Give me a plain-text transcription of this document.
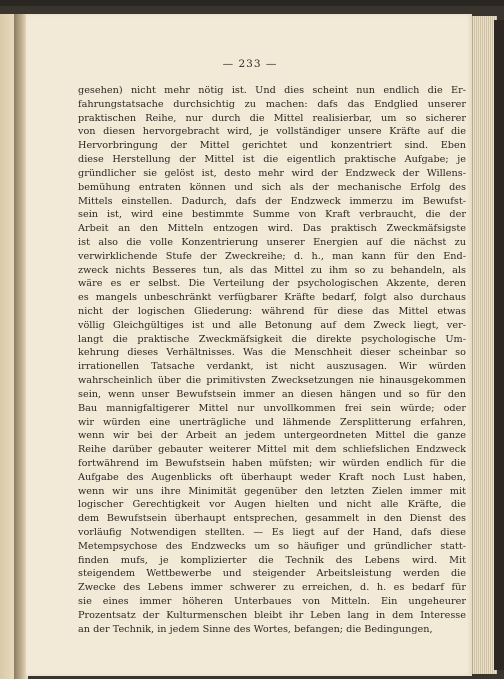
— 233 —
gesehen) nicht mehr nötig ist. Und dies scheint nun endlich die Er-
fahrungstatsache durchsichtig zu machen: dafs das Endglied unserer
praktischen Reihe, nur durch die Mittel realisierbar, um so sicherer
von diesen hervorgebracht wird, je vollständiger unsere Kräfte auf die
Hervorbringung der Mittel gerichtet und konzentriert sind. Eben
diese Herstellung der Mittel ist die eigentlich praktische Aufgabe; je
gründlicher sie gelöst ist, desto mehr wird der Endzweck der Willens-
bemühung entraten können und sich als der mechanische Erfolg des
Mittels einstellen. Dadurch, dafs der Endzweck immerzu im Bewufst-
sein ist, wird eine bestimmte Summe von Kraft verbraucht, die der
Arbeit an den Mitteln entzogen wird. Das praktisch Zweckmäfsigste
ist also die volle Konzentrierung unserer Energien auf die nächst zu
verwirklichende Stufe der Zweckreihe; d. h., man kann für den End-
zweck nichts Besseres tun, als das Mittel zu ihm so zu behandeln, als
wäre es er selbst. Die Verteilung der psychologischen Akzente, deren
es mangels unbeschränkt verfügbarer Kräfte bedarf, folgt also durchaus
nicht der logischen Gliederung: während für diese das Mittel etwas
völlig Gleichgültiges ist und alle Betonung auf dem Zweck liegt, ver-
langt die praktische Zweckmäfsigkeit die direkte psychologische Um-
kehrung dieses Verhältnisses. Was die Menschheit dieser scheinbar so
irrationellen Tatsache verdankt, ist nicht auszusagen. Wir würden
wahrscheinlich über die primitivsten Zwecksetzungen nie hinausgekommen
sein, wenn unser Bewufstsein immer an diesen hängen und so für den
Bau mannigfaltigerer Mittel nur unvollkommen frei sein würde; oder
wir würden eine unerträgliche und lähmende Zersplitterung erfahren,
wenn wir bei der Arbeit an jedem untergeordneten Mittel die ganze
Reihe darüber gebauter weiterer Mittel mit dem schliefslichen Endzweck
fortwährend im Bewufstsein haben müfsten; wir würden endlich für die
Aufgabe des Augenblicks oft überhaupt weder Kraft noch Lust haben,
wenn wir uns ihre Minimität gegenüber den letzten Zielen immer mit
logischer Gerechtigkeit vor Augen hielten und nicht alle Kräfte, die
dem Bewufstsein überhaupt entsprechen, gesammelt in den Dienst des
vorläufig Notwendigen stellten. — Es liegt auf der Hand, dafs diese
Metempsychose des Endzwecks um so häufiger und gründlicher statt-
finden mufs, je komplizierter die Technik des Lebens wird. Mit
steigendem Wettbewerbe und steigender Arbeitsleistung werden die
Zwecke des Lebens immer schwerer zu erreichen, d. h. es bedarf für
sie eines immer höheren Unterbaues von Mitteln. Ein ungeheurer
Prozentsatz der Kulturmenschen bleibt ihr Leben lang in dem Interesse
an der Technik, in jedem Sinne des Wortes, befangen; die Bedingungen,
